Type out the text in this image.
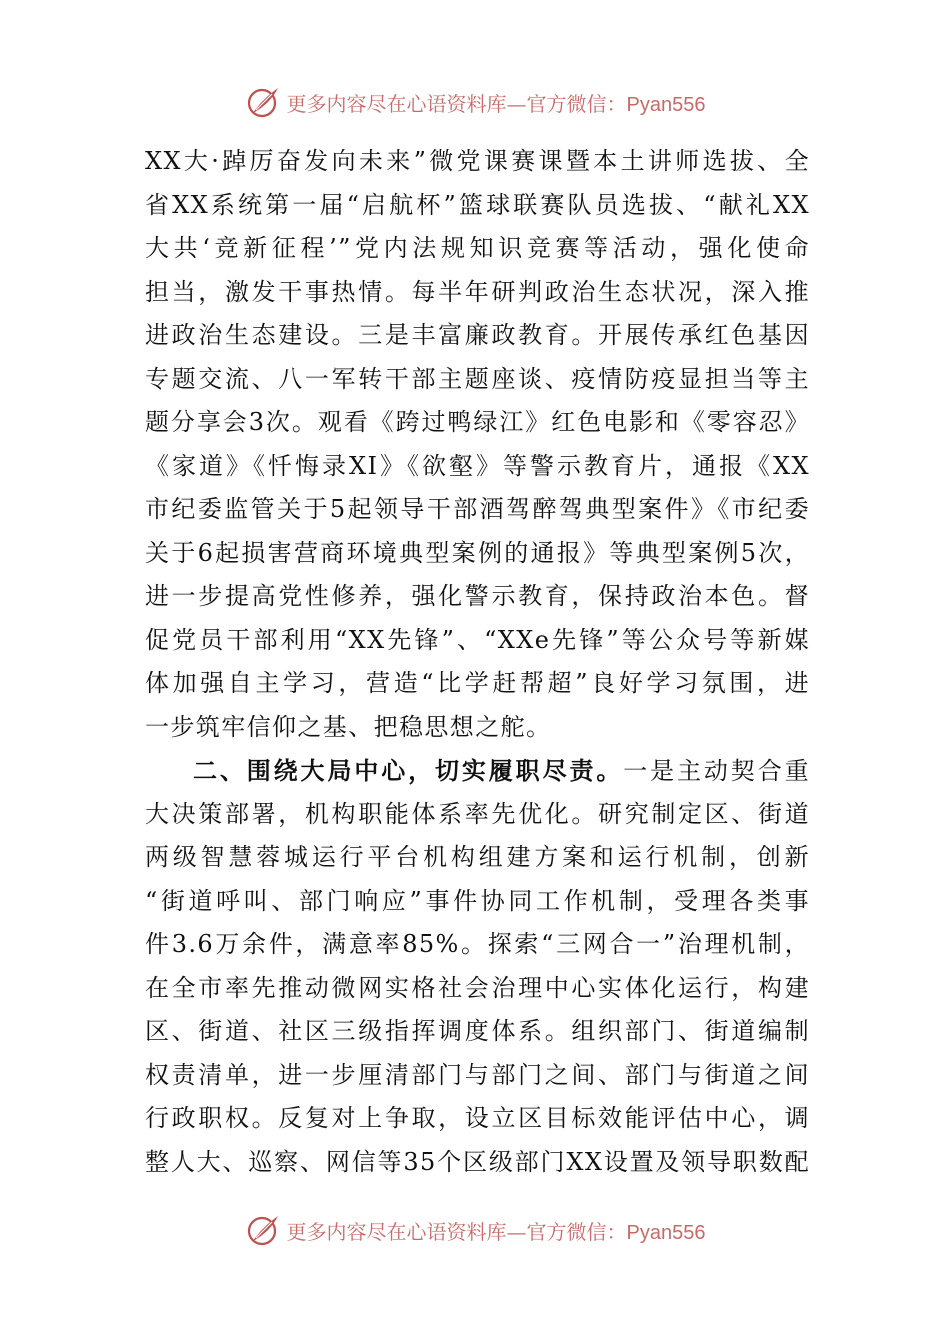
更多内容尽在心语资料库—官方微信：Pyan556
XX大·踔厉奋发向未来”微党课赛课暨本土讲师选拔、全
省XX系统第一届“启航杯”篮球联赛队员选拔、“献礼XX
大共‘竞新征程’”党内法规知识竞赛等活动，强化使命
担当，激发干事热情。每半年研判政治生态状况，深入推
进政治生态建设。三是丰富廉政教育。开展传承红色基因
专题交流、八一军转干部主题座谈、疫情防疫显担当等主
题分享会3次。观看《跨过鸭绿江》红色电影和《零容忍》
《家道》《忏悔录XI》《欲壑》等警示教育片，通报《XX
市纪委监管关于5起领导干部酒驾醉驾典型案件》《市纪委
关于6起损害营商环境典型案例的通报》等典型案例5次，
进一步提高党性修养，强化警示教育，保持政治本色。督
促党员干部利用“XX先锋”、“XXe先锋”等公众号等新媒
体加强自主学习，营造“比学赶帮超”良好学习氛围，进
一步筑牢信仰之基、把稳思想之舵。
二、围绕大局中心，切实履职尽责。一是主动契合重
大决策部署，机构职能体系率先优化。研究制定区、街道
两级智慧蓉城运行平台机构组建方案和运行机制，创新
“街道呼叫、部门响应”事件协同工作机制，受理各类事
件3.6万余件，满意率85%。探索“三网合一”治理机制，
在全市率先推动微网实格社会治理中心实体化运行，构建
区、街道、社区三级指挥调度体系。组织部门、街道编制
权责清单，进一步厘清部门与部门之间、部门与街道之间
行政职权。反复对上争取，设立区目标效能评估中心，调
整人大、巡察、网信等35个区级部门XX设置及领导职数配
更多内容尽在心语资料库—官方微信：Pyan556
